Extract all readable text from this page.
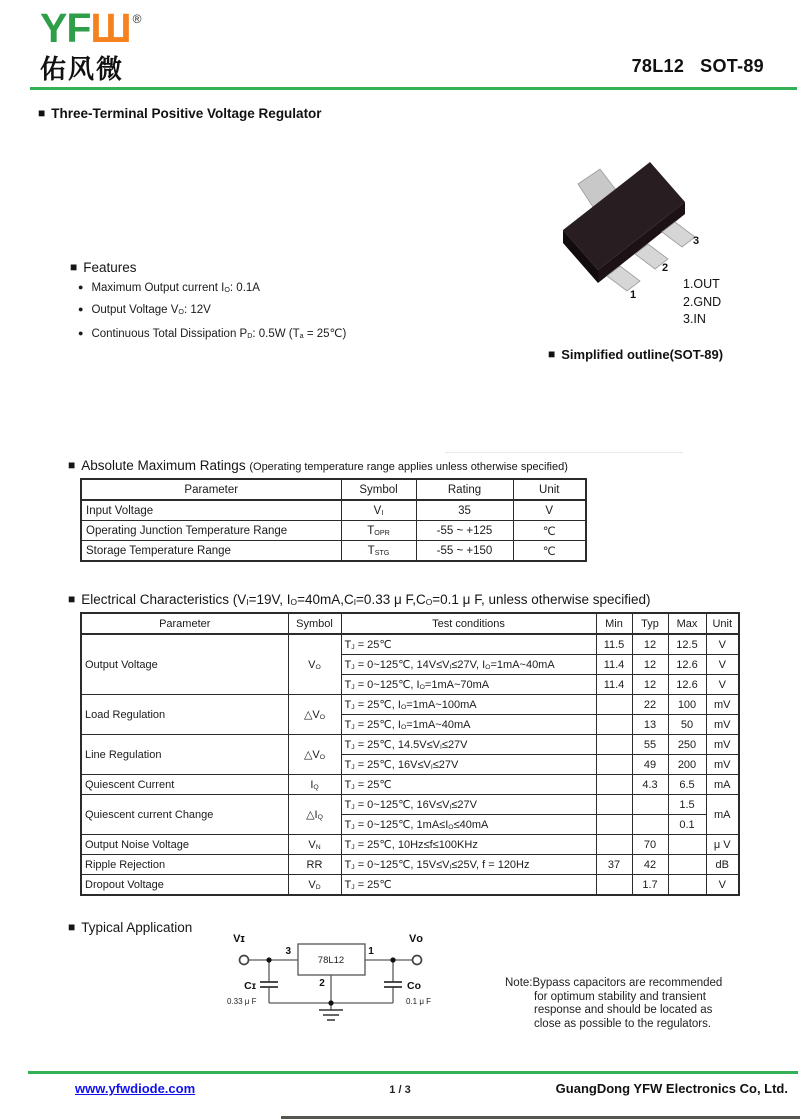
YFШ ®
佑风微	78L12 SOT-89
■ Three-Terminal Positive Voltage Regulator
■ Features
● Maximum Output current $I_O$: 0.1A
● Output Voltage $V_O$: 12V
● Continuous Total Dissipation $P_D$: 0.5W ($T_a$ = 25℃)
1
2
3
1.OUT
2.GND
3.IN
■ Simplified outline(SOT-89)
■ Absolute Maximum Ratings (Operating temperature range applies unless otherwise specified)
Parameter	Symbol	Rating	Unit
Input Voltage	$V_I$	35	V
Operating Junction Temperature Range	$T_{OPR}$	-55 ~ +125	℃
Storage Temperature Range	$T_{STG}$	-55 ~ +150	℃
■ Electrical Characteristics ($V_I=19V$, $I_O=40mA,C_I=0.33$ μ $F,C_O=0.1$ μ F, unless otherwise specified)
Parameter	Symbol	Test conditions	Min	Typ	Max	Unit
Output Voltage	$V_O$	$T_J$ = 25℃	11.5	12	12.5	V
		$T_J$ = 0~125℃, $14V\le V_I\le 27V$, $I_O=1mA\sim 40mA$	11.4	12	12.6	V
		$T_J$ = 0~125℃, $I_O=1mA\sim 70mA$	11.4	12	12.6	V
Load Regulation	$\triangle V_O$	$T_J$ = 25℃, $I_O=1mA\sim 100mA$		22	100	mV
		$T_J$ = 25℃, $I_O=1mA\sim 40mA$		13	50	mV
Line Regulation	$\triangle V_O$	$T_J$ = 25℃, $14.5V\le V_I\le 27V$		55	250	mV
		$T_J$ = 25℃, $16V\le V_I\le 27V$		49	200	mV
Quiescent Current	$I_Q$	$T_J$ = 25℃		4.3	6.5	mA
Quiescent current Change	$\triangle I_Q$	$T_J$ = 0~125℃, $16V\le V_I\le 27V$			1.5	mA
		$T_J$ = 0~125℃, $1mA\le I_O\le 40mA$			0.1	
Output Noise Voltage	$V_N$	$T_J$ = 25℃, 10Hz≤f≤100KHz		70		μ V
Ripple Rejection	RR	$T_J$ = 0~125℃, $15V\le V_I\le 25V$, f = 120Hz	37	42		dB
Dropout Voltage	$V_D$	$T_J$ = 25℃		1.7		V
■ Typical Application
78L12
Vɪ	Vᴏ
3	1
2
Cɪ	Cᴏ
0.33 μ F	0.1 μ F
Note:Bypass capacitors are recommended
for optimum stability and transient
response and should be located as
close as possible to the regulators.
www.yfwdiode.com	1 / 3	GuangDong YFW Electronics Co, Ltd.
